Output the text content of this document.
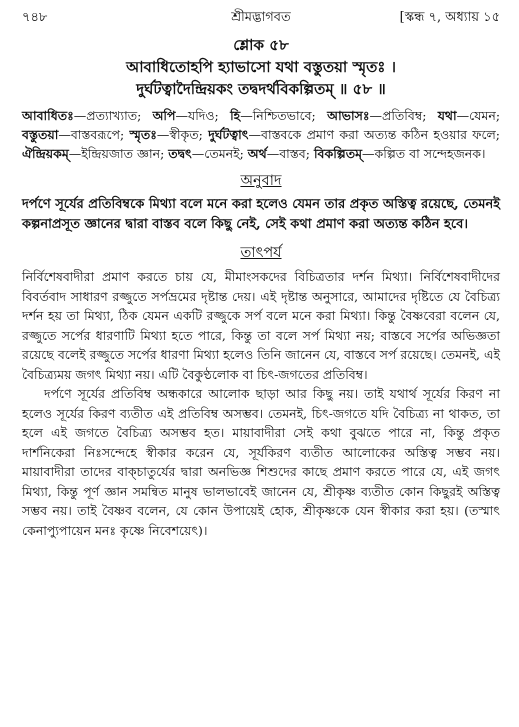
৭৪৮	শ্রীমদ্ভাগবত	[স্কন্ধ ৭, অধ্যায় ১৫
শ্লোক ৫৮
আবাধিতোহপি হ্যাভাসো যথা বস্তুতয়া স্মৃতঃ ।
দুর্ঘটত্বাদৈন্দ্রিয়কং তদ্বদর্থবিকল্পিতম্ ॥ ৫৮ ॥
আবাধিতঃ—প্রত্যাখ্যাত; অপি—যদিও; হি—নিশ্চিতভাবে; আভাসঃ—প্রতিবিম্ব; যথা—যেমন; বস্তুতয়া—বাস্তবরূপে; স্মৃতঃ—স্বীকৃত; দুর্ঘটত্বাৎ—বাস্তবকে প্রমাণ করা অত্যন্ত কঠিন হওয়ার ফলে; ঐন্দ্রিয়কম্—ইন্দ্রিয়জাত জ্ঞান; তদ্বৎ—তেমনই; অর্থ—বাস্তব; বিকল্পিতম্—কল্পিত বা সন্দেহজনক।
অনুবাদ
দর্পণে সূর্যের প্রতিবিম্বকে মিথ্যা বলে মনে করা হলেও যেমন তার প্রকৃত অস্তিত্ব রয়েছে, তেমনই কল্পনাপ্রসূত জ্ঞানের দ্বারা বাস্তব বলে কিছু নেই, সেই কথা প্রমাণ করা অত্যন্ত কঠিন হবে।
তাৎপর্য

নির্বিশেষবাদীরা প্রমাণ করতে চায় যে, মীমাংসকদের বিচিত্রতার দর্শন মিথ্যা। নির্বিশেষবাদীদের বিবর্তবাদ সাধারণ রজ্জুতে সর্পভ্রমের দৃষ্টান্ত দেয়। এই দৃষ্টান্ত অনুসারে, আমাদের দৃষ্টিতে যে বৈচিত্র্য দর্শন হয় তা মিথ্যা, ঠিক যেমন একটি রজ্জুকে সর্প বলে মনে করা মিথ্যা। কিন্তু বৈষ্ণবেরা বলেন যে, রজ্জুতে সর্পের ধারণাটি মিথ্যা হতে পারে, কিন্তু তা বলে সর্প মিথ্যা নয়; বাস্তবে সর্পের অভিজ্ঞতা রয়েছে বলেই রজ্জুতে সর্পের ধারণা মিথ্যা হলেও তিনি জানেন যে, বাস্তবে সর্প রয়েছে। তেমনই, এই বৈচিত্র্যময় জগৎ মিথ্যা নয়। এটি বৈকুণ্ঠলোক বা চিৎ-জগতের প্রতিবিম্ব।

দর্পণে সূর্যের প্রতিবিম্ব অন্ধকারে আলোক ছাড়া আর কিছু নয়। তাই যথার্থ সূর্যের কিরণ না হলেও সূর্যের কিরণ ব্যতীত এই প্রতিবিম্ব অসম্ভব। তেমনই, চিৎ-জগতে যদি বৈচিত্র্য না থাকত, তা হলে এই জগতে বৈচিত্র্য অসম্ভব হত। মায়াবাদীরা সেই কথা বুঝতে পারে না, কিন্তু প্রকৃত দার্শনিকেরা নিঃসন্দেহে স্বীকার করেন যে, সূর্যকিরণ ব্যতীত আলোকের অস্তিত্ব সম্ভব নয়। মায়াবাদীরা তাদের বাক্চাতুর্যের দ্বারা অনভিজ্ঞ শিশুদের কাছে প্রমাণ করতে পারে যে, এই জগৎ মিথ্যা, কিন্তু পূর্ণ জ্ঞান সমন্বিত মানুষ ভালভাবেই জানেন যে, শ্রীকৃষ্ণ ব্যতীত কোন কিছুরই অস্তিত্ব সম্ভব নয়। তাই বৈষ্ণব বলেন, যে কোন উপায়েই হোক, শ্রীকৃষ্ণকে যেন স্বীকার করা হয়। (তস্মাৎ কেনাপ্যুপায়েন মনঃ কৃষ্ণে নিবেশয়েৎ)।
